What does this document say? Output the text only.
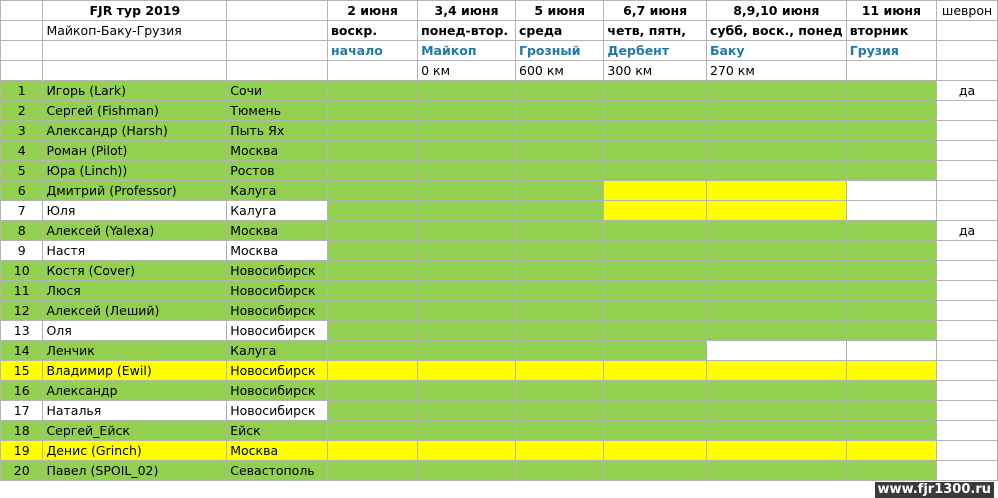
	FJR тур 2019		2 июня	3,4 июня	5 июня	6,7 июня	8,9,10 июня	11 июня	шеврон
	Майкоп-Баку-Грузия		воскр.	понед-втор.	среда	четв, пятн,	субб, воск., понед	вторник	
			начало	Майкоп	Грозный	Дербент	Баку	Грузия	
				0 км	600 км	300 км	270 км		
1	Игорь (Lark)	Сочи							да
2	Сергей (Fishman)	Тюмень							
3	Александр (Harsh)	Пыть Ях							
4	Роман (Pilot)	Москва							
5	Юра (Linch))	Ростов							
6	Дмитрий (Professor)	Калуга							
7	Юля	Калуга							
8	Алексей (Yalexa)	Москва							да
9	Настя	Москва							
10	Костя (Cover)	Новосибирск							
11	Люся	Новосибирск							
12	Алексей (Леший)	Новосибирск							
13	Оля	Новосибирск							
14	Ленчик	Калуга							
15	Владимир (Ewil)	Новосибирск							
16	Александр	Новосибирск							
17	Наталья	Новосибирск							
18	Сергей_Ейск	Ейск							
19	Денис (Grinch)	Москва							
20	Павел (SPOIL_02)	Севастополь							
www.fjr1300.ru
